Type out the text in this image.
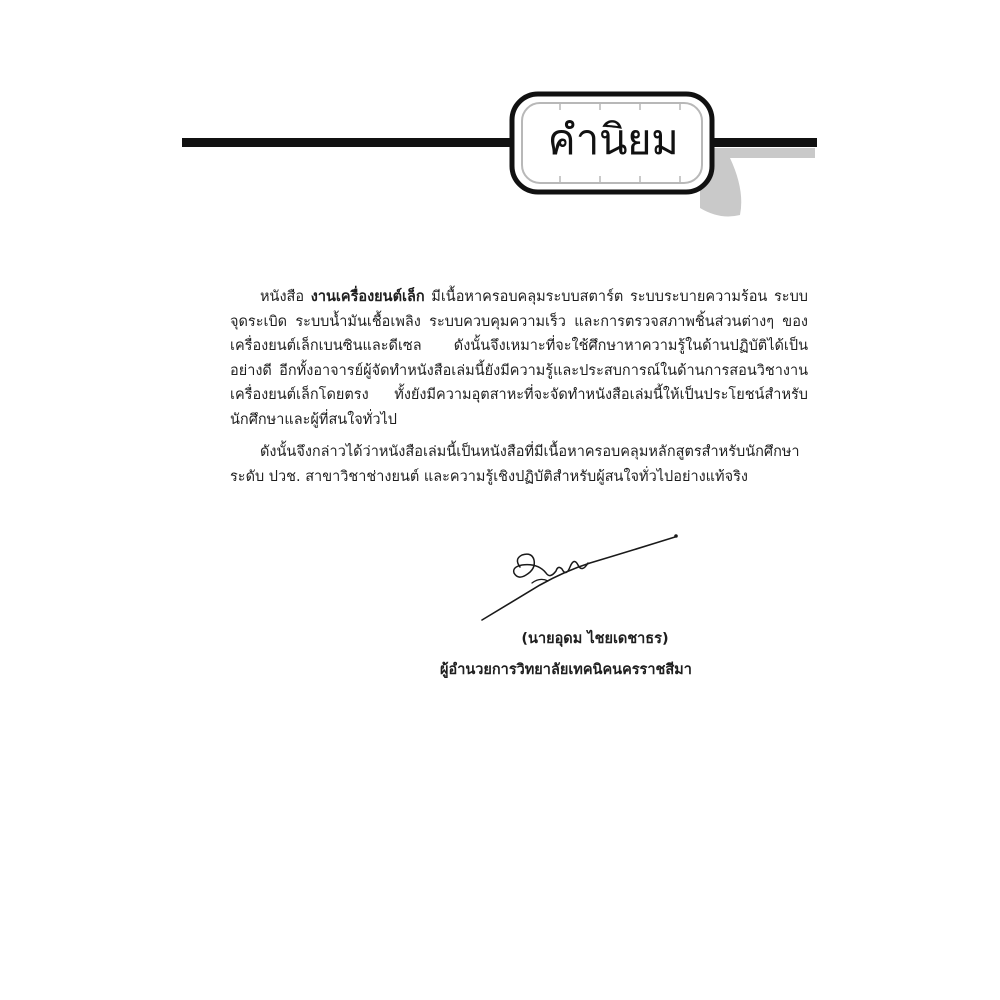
คำนิยม

หนังสือ งานเครื่องยนต์เล็ก มีเนื้อหาครอบคลุมระบบสตาร์ต ระบบระบายความร้อน ระบบจุดระเบิด ระบบน้ำมันเชื้อเพลิง ระบบควบคุมความเร็ว และการตรวจสภาพชิ้นส่วนต่างๆ ของเครื่องยนต์เล็กเบนซินและดีเซล ดังนั้นจึงเหมาะที่จะใช้ศึกษาหาความรู้ในด้านปฏิบัติได้เป็นอย่างดี อีกทั้งอาจารย์ผู้จัดทำหนังสือเล่มนี้ยังมีความรู้และประสบการณ์ในด้านการสอนวิชางานเครื่องยนต์เล็กโดยตรง ทั้งยังมีความอุตสาหะที่จะจัดทำหนังสือเล่มนี้ให้เป็นประโยชน์สำหรับนักศึกษาและผู้ที่สนใจทั่วไป

ดังนั้นจึงกล่าวได้ว่าหนังสือเล่มนี้เป็นหนังสือที่มีเนื้อหาครอบคลุมหลักสูตรสำหรับนักศึกษาระดับ ปวช. สาขาวิชาช่างยนต์ และความรู้เชิงปฏิบัติสำหรับผู้สนใจทั่วไปอย่างแท้จริง

(นายอุดม ไชยเดชาธร)
ผู้อำนวยการวิทยาลัยเทคนิคนครราชสีมา
